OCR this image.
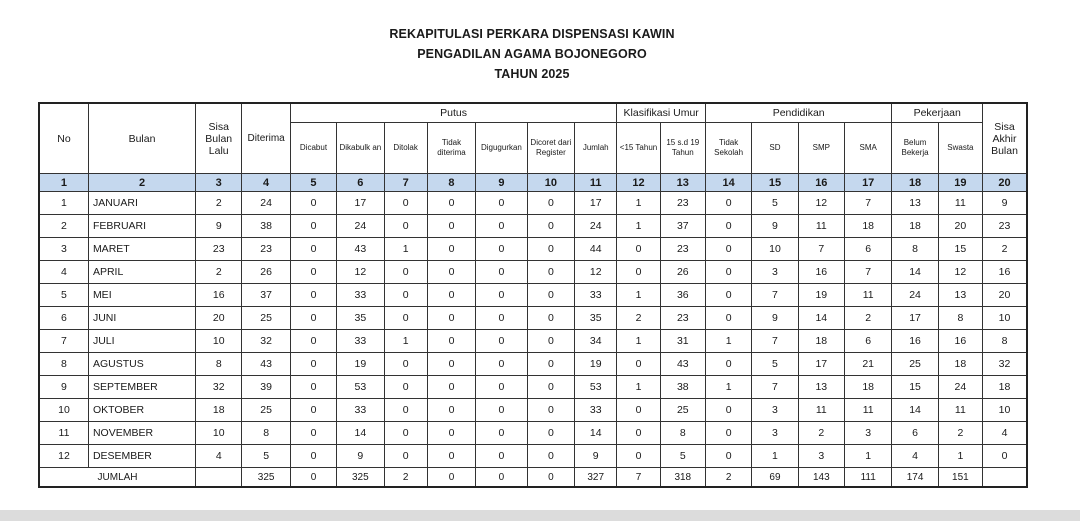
REKAPITULASI PERKARA DISPENSASI KAWIN
PENGADILAN AGAMA BOJONEGORO
TAHUN 2025
No	Bulan	Sisa Bulan Lalu	Diterima	Putus							Klasifikasi Umur		Pendidikan				Pekerjaan		Sisa Akhir Bulan
				Dicabut	Dikabulk an	Ditolak	Tidak diterima	Digugurkan	Dicoret dari Register	Jumlah	<15 Tahun	15 s.d 19 Tahun	Tidak Sekolah	SD	SMP	SMA	Belum Bekerja	Swasta	
1	2	3	4	5	6	7	8	9	10	11	12	13	14	15	16	17	18	19	20
1	JANUARI	2	24	0	17	0	0	0	0	17	1	23	0	5	12	7	13	11	9
2	FEBRUARI	9	38	0	24	0	0	0	0	24	1	37	0	9	11	18	18	20	23
3	MARET	23	23	0	43	1	0	0	0	44	0	23	0	10	7	6	8	15	2
4	APRIL	2	26	0	12	0	0	0	0	12	0	26	0	3	16	7	14	12	16
5	MEI	16	37	0	33	0	0	0	0	33	1	36	0	7	19	11	24	13	20
6	JUNI	20	25	0	35	0	0	0	0	35	2	23	0	9	14	2	17	8	10
7	JULI	10	32	0	33	1	0	0	0	34	1	31	1	7	18	6	16	16	8
8	AGUSTUS	8	43	0	19	0	0	0	0	19	0	43	0	5	17	21	25	18	32
9	SEPTEMBER	32	39	0	53	0	0	0	0	53	1	38	1	7	13	18	15	24	18
10	OKTOBER	18	25	0	33	0	0	0	0	33	0	25	0	3	11	11	14	11	10
11	NOVEMBER	10	8	0	14	0	0	0	0	14	0	8	0	3	2	3	6	2	4
12	DESEMBER	4	5	0	9	0	0	0	0	9	0	5	0	1	3	1	4	1	0
JUMLAH			325	0	325	2	0	0	0	327	7	318	2	69	143	111	174	151	
